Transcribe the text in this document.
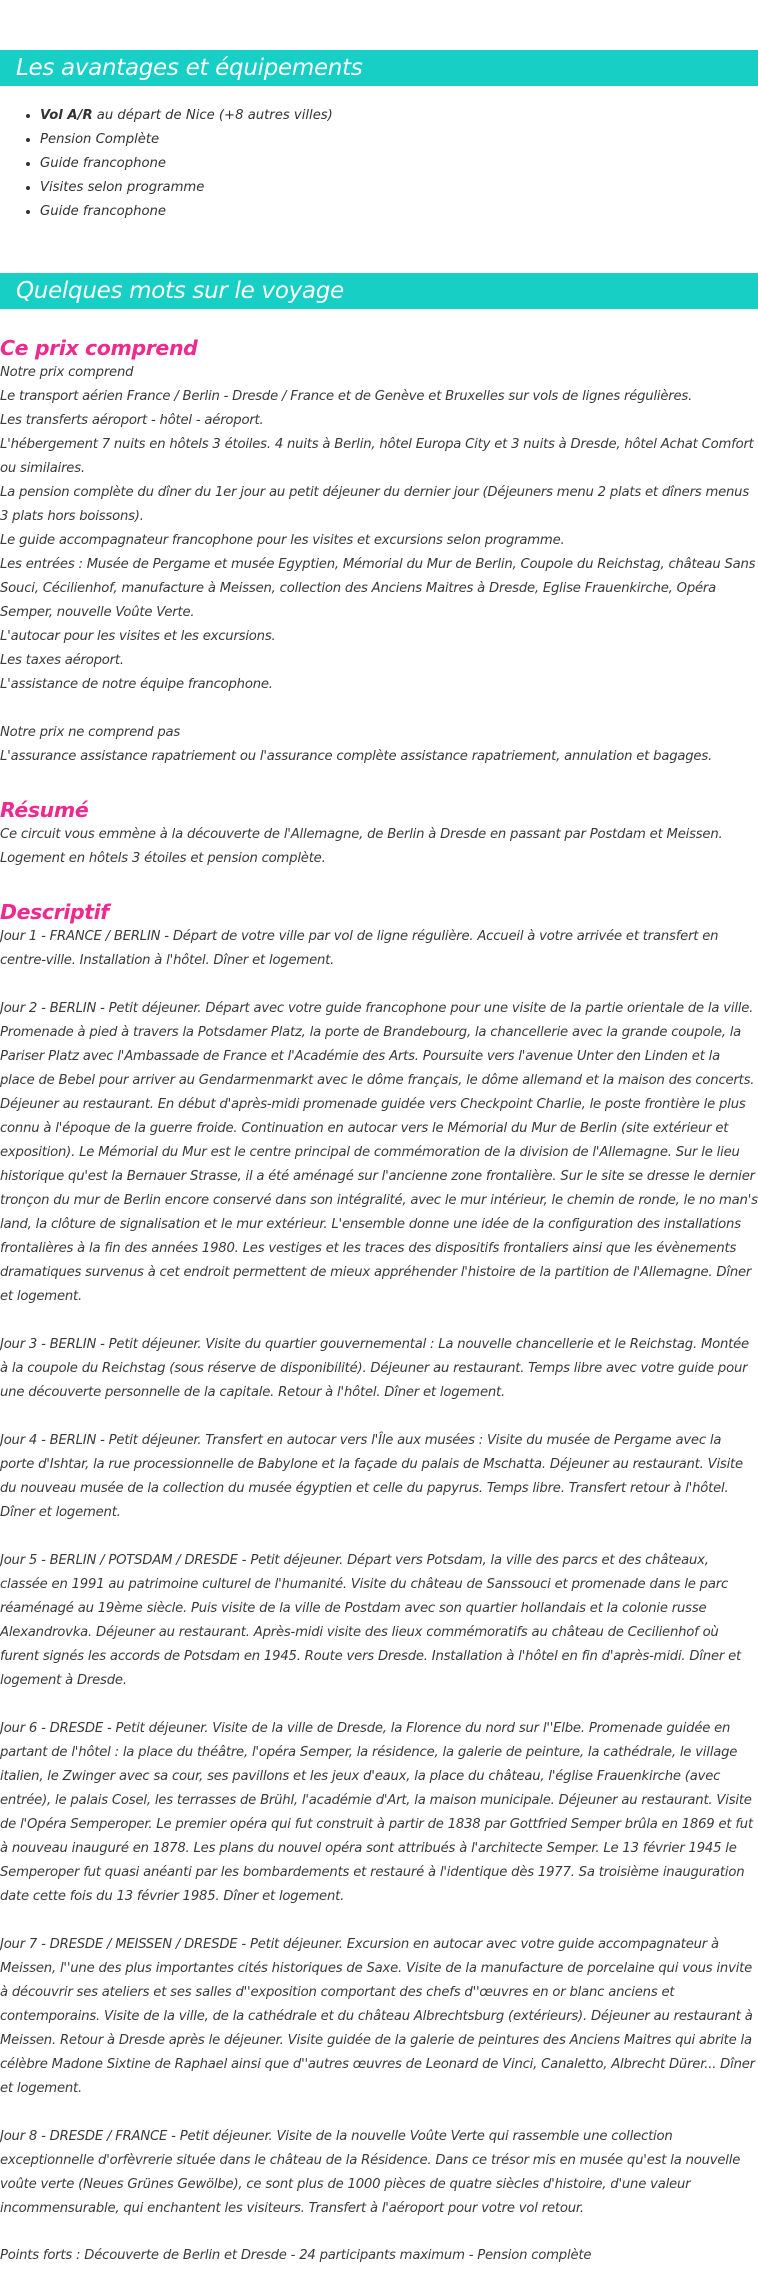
Les avantages et équipements
• Vol A/R au départ de Nice (+8 autres villes)
• Pension Complète
• Guide francophone
• Visites selon programme
• Guide francophone
Quelques mots sur le voyage
Ce prix comprend

Notre prix comprend
Le transport aérien France / Berlin - Dresde / France et de Genève et Bruxelles sur vols de lignes régulières.
Les transferts aéroport - hôtel - aéroport.
L'hébergement 7 nuits en hôtels 3 étoiles. 4 nuits à Berlin, hôtel Europa City et 3 nuits à Dresde, hôtel Achat Comfort ou similaires.
La pension complète du dîner du 1er jour au petit déjeuner du dernier jour (Déjeuners menu 2 plats et dîners menus 3 plats hors boissons).
Le guide accompagnateur francophone pour les visites et excursions selon programme.
Les entrées : Musée de Pergame et musée Egyptien, Mémorial du Mur de Berlin, Coupole du Reichstag, château Sans Souci, Cécilienhof, manufacture à Meissen, collection des Anciens Maitres à Dresde, Eglise Frauenkirche, Opéra Semper, nouvelle Voûte Verte.
L'autocar pour les visites et les excursions.
Les taxes aéroport.
L'assistance de notre équipe francophone.

Notre prix ne comprend pas
L'assurance assistance rapatriement ou l'assurance complète assistance rapatriement, annulation et bagages.

Résumé

Ce circuit vous emmène à la découverte de l'Allemagne, de Berlin à Dresde en passant par Postdam et Meissen. Logement en hôtels 3 étoiles et pension complète.

Descriptif

Jour 1 - FRANCE / BERLIN - Départ de votre ville par vol de ligne régulière. Accueil à votre arrivée et transfert en centre-ville. Installation à l'hôtel. Dîner et logement.

Jour 2 - BERLIN - Petit déjeuner. Départ avec votre guide francophone pour une visite de la partie orientale de la ville. Promenade à pied à travers la Potsdamer Platz, la porte de Brandebourg, la chancellerie avec la grande coupole, la Pariser Platz avec l'Ambassade de France et l'Académie des Arts. Poursuite vers l'avenue Unter den Linden et la place de Bebel pour arriver au Gendarmenmarkt avec le dôme français, le dôme allemand et la maison des concerts. Déjeuner au restaurant. En début d'après-midi promenade guidée vers Checkpoint Charlie, le poste frontière le plus connu à l'époque de la guerre froide. Continuation en autocar vers le Mémorial du Mur de Berlin (site extérieur et exposition). Le Mémorial du Mur est le centre principal de commémoration de la division de l'Allemagne. Sur le lieu historique qu'est la Bernauer Strasse, il a été aménagé sur l'ancienne zone frontalière. Sur le site se dresse le dernier tronçon du mur de Berlin encore conservé dans son intégralité, avec le mur intérieur, le chemin de ronde, le no man's land, la clôture de signalisation et le mur extérieur. L'ensemble donne une idée de la configuration des installations frontalières à la fin des années 1980. Les vestiges et les traces des dispositifs frontaliers ainsi que les évènements dramatiques survenus à cet endroit permettent de mieux appréhender l'histoire de la partition de l'Allemagne. Dîner et logement.

Jour 3 - BERLIN - Petit déjeuner. Visite du quartier gouvernemental : La nouvelle chancellerie et le Reichstag. Montée à la coupole du Reichstag (sous réserve de disponibilité). Déjeuner au restaurant. Temps libre avec votre guide pour une découverte personnelle de la capitale. Retour à l'hôtel. Dîner et logement.

Jour 4 - BERLIN - Petit déjeuner. Transfert en autocar vers l'Île aux musées : Visite du musée de Pergame avec la porte d'Ishtar, la rue processionnelle de Babylone et la façade du palais de Mschatta. Déjeuner au restaurant. Visite du nouveau musée de la collection du musée égyptien et celle du papyrus. Temps libre. Transfert retour à l'hôtel. Dîner et logement.

Jour 5 - BERLIN / POTSDAM / DRESDE - Petit déjeuner. Départ vers Potsdam, la ville des parcs et des châteaux, classée en 1991 au patrimoine culturel de l'humanité. Visite du château de Sanssouci et promenade dans le parc réaménagé au 19ème siècle. Puis visite de la ville de Postdam avec son quartier hollandais et la colonie russe Alexandrovka. Déjeuner au restaurant. Après-midi visite des lieux commémoratifs au château de Cecilienhof où furent signés les accords de Potsdam en 1945. Route vers Dresde. Installation à l'hôtel en fin d'après-midi. Dîner et logement à Dresde.

Jour 6 - DRESDE - Petit déjeuner. Visite de la ville de Dresde, la Florence du nord sur l''Elbe. Promenade guidée en partant de l'hôtel : la place du théâtre, l'opéra Semper, la résidence, la galerie de peinture, la cathédrale, le village italien, le Zwinger avec sa cour, ses pavillons et les jeux d'eaux, la place du château, l'église Frauenkirche (avec entrée), le palais Cosel, les terrasses de Brühl, l'académie d'Art, la maison municipale. Déjeuner au restaurant. Visite de l'Opéra Semperoper. Le premier opéra qui fut construit à partir de 1838 par Gottfried Semper brûla en 1869 et fut à nouveau inauguré en 1878. Les plans du nouvel opéra sont attribués à l'architecte Semper. Le 13 février 1945 le Semperoper fut quasi anéanti par les bombardements et restauré à l'identique dès 1977. Sa troisième inauguration date cette fois du 13 février 1985. Dîner et logement.

Jour 7 - DRESDE / MEISSEN / DRESDE - Petit déjeuner. Excursion en autocar avec votre guide accompagnateur à Meissen, l''une des plus importantes cités historiques de Saxe. Visite de la manufacture de porcelaine qui vous invite à découvrir ses ateliers et ses salles d''exposition comportant des chefs d''œuvres en or blanc anciens et contemporains. Visite de la ville, de la cathédrale et du château Albrechtsburg (extérieurs). Déjeuner au restaurant à Meissen. Retour à Dresde après le déjeuner. Visite guidée de la galerie de peintures des Anciens Maitres qui abrite la célèbre Madone Sixtine de Raphael ainsi que d''autres œuvres de Leonard de Vinci, Canaletto, Albrecht Dürer... Dîner et logement.

Jour 8 - DRESDE / FRANCE - Petit déjeuner. Visite de la nouvelle Voûte Verte qui rassemble une collection exceptionnelle d'orfèvrerie située dans le château de la Résidence. Dans ce trésor mis en musée qu'est la nouvelle voûte verte (Neues Grünes Gewölbe), ce sont plus de 1000 pièces de quatre siècles d'histoire, d'une valeur incommensurable, qui enchantent les visiteurs. Transfert à l'aéroport pour votre vol retour.

Points forts : Découverte de Berlin et Dresde - 24 participants maximum - Pension complète
